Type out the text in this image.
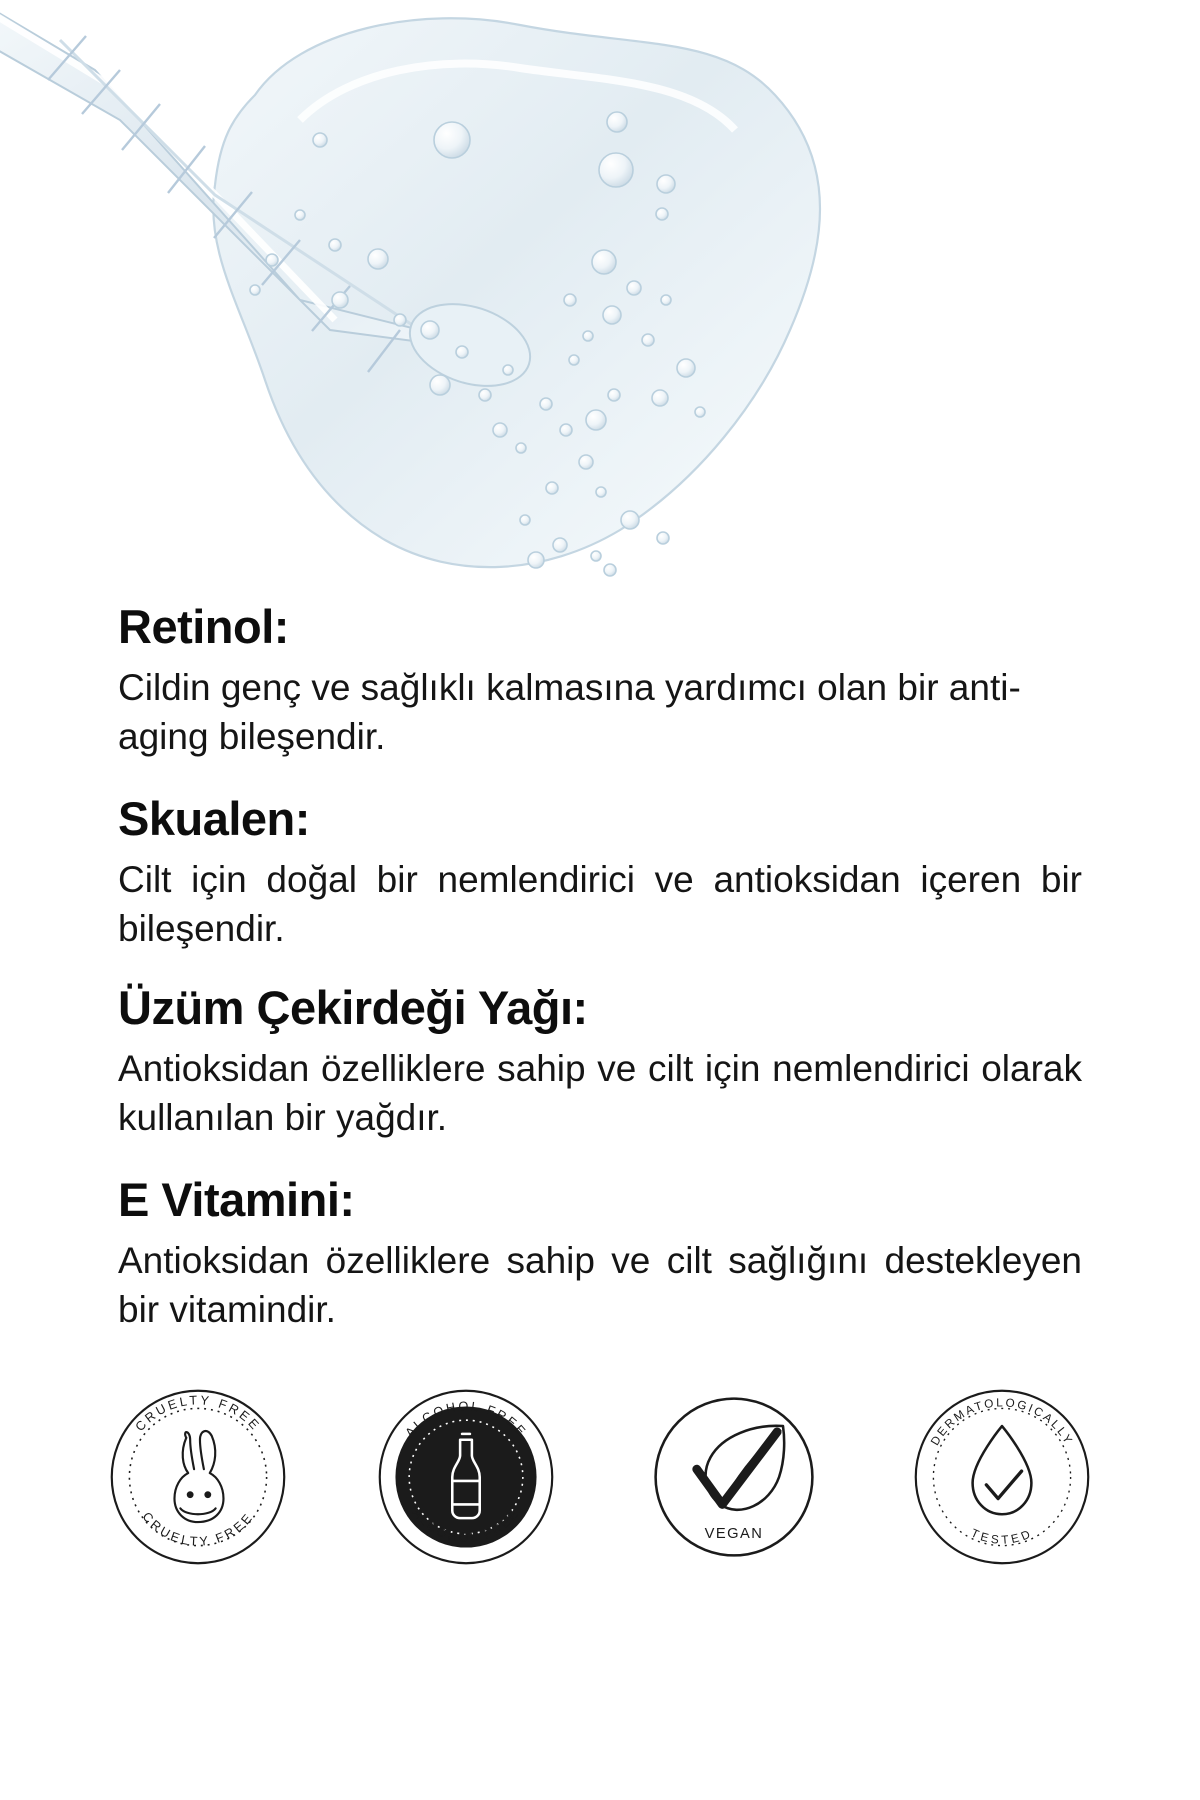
Retinol:

Cildin genç ve sağlıklı kalmasına yardımcı olan bir anti-aging bileşendir.

Skualen:

Cilt için doğal bir nemlendirici ve antioksidan içeren bir bileşendir.

Üzüm Çekirdeği Yağı:

Antioksidan özelliklere sahip ve cilt için nemlendirici olarak kullanılan bir yağdır.

E Vitamini:

Antioksidan özelliklere sahip ve cilt sağlığını destekleyen bir vitamindir.

CRUELTY FREE
CRUELTY FREE
ALCOHOL FREE
ALCOHOL FREE
VEGAN
DERMATOLOGICALLY
TESTED
